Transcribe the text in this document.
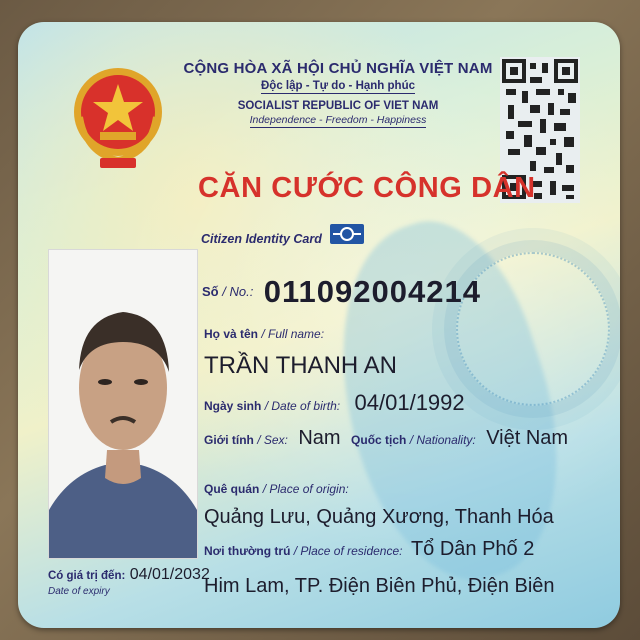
CỘNG HÒA XÃ HỘI CHỦ NGHĨA VIỆT NAM
Độc lập - Tự do - Hạnh phúc
SOCIALIST REPUBLIC OF VIET NAM
Independence - Freedom - Happiness
CĂN CƯỚC CÔNG DÂN
Citizen Identity Card
Số / No.: 011092004214
Họ và tên / Full name:
TRẦN THANH AN
Ngày sinh / Date of birth: 04/01/1992
Giới tính / Sex: Nam Quốc tịch / Nationality: Việt Nam
Quê quán / Place of origin:
Quảng Lưu, Quảng Xương, Thanh Hóa
Nơi thường trú / Place of residence: Tổ Dân Phố 2
Him Lam, TP. Điện Biên Phủ, Điện Biên
Có giá trị đến: 04/01/2032
Date of expiry
